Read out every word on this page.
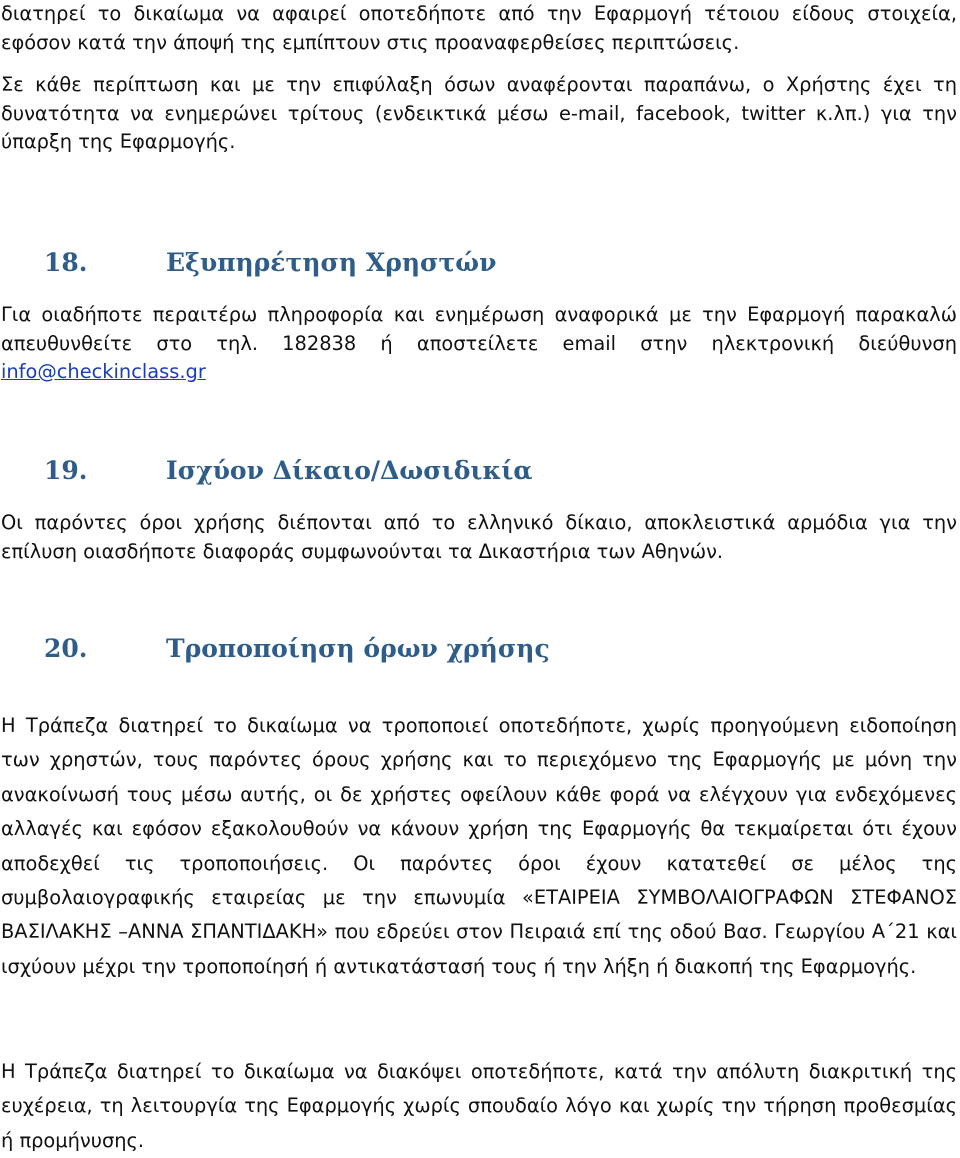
διατηρεί το δικαίωμα να αφαιρεί οποτεδήποτε από την Εφαρμογή τέτοιου είδους στοιχεία, εφόσον κατά την άποψή της εμπίπτουν στις προαναφερθείσες περιπτώσεις.

Σε κάθε περίπτωση και με την επιφύλαξη όσων αναφέρονται παραπάνω, ο Χρήστης έχει τη δυνατότητα να ενημερώνει τρίτους (ενδεικτικά μέσω e-mail, facebook, twitter κ.λπ.) για την ύπαρξη της Εφαρμογής.

18.	Εξυπηρέτηση Χρηστών

Για οιαδήποτε περαιτέρω πληροφορία και ενημέρωση αναφορικά με την Εφαρμογή παρακαλώ απευθυνθείτε στο τηλ. 182838 ή αποστείλετε email στην ηλεκτρονική διεύθυνση info@checkinclass.gr

19.	Ισχύον Δίκαιο/Δωσιδικία

Οι παρόντες όροι χρήσης διέπονται από το ελληνικό δίκαιο, αποκλειστικά αρμόδια για την επίλυση οιασδήποτε διαφοράς συμφωνούνται τα Δικαστήρια των Αθηνών.

20.	Τροποποίηση όρων χρήσης

Η Τράπεζα διατηρεί το δικαίωμα να τροποποιεί οποτεδήποτε, χωρίς προηγούμενη ειδοποίηση των χρηστών, τους παρόντες όρους χρήσης και το περιεχόμενο της Εφαρμογής με μόνη την ανακοίνωσή τους μέσω αυτής, οι δε χρήστες οφείλουν κάθε φορά να ελέγχουν για ενδεχόμενες αλλαγές και εφόσον εξακολουθούν να κάνουν χρήση της Εφαρμογής θα τεκμαίρεται ότι έχουν αποδεχθεί τις τροποποιήσεις. Οι παρόντες όροι έχουν κατατεθεί σε μέλος της συμβολαιογραφικής εταιρείας με την επωνυμία «ΕΤΑΙΡΕΙΑ ΣΥΜΒΟΛΑΙΟΓΡΑΦΩΝ ΣΤΕΦΑΝΟΣ ΒΑΣΙΛΑΚΗΣ –ΑΝΝΑ ΣΠΑΝΤΙΔΑΚΗ» που εδρεύει στον Πειραιά επί της οδού Βασ. Γεωργίου Α΄21 και ισχύουν μέχρι την τροποποίησή ή αντικατάστασή τους ή την λήξη ή διακοπή της Εφαρμογής.

Η Τράπεζα διατηρεί το δικαίωμα να διακόψει οποτεδήποτε, κατά την απόλυτη διακριτική της ευχέρεια, τη λειτουργία της Εφαρμογής χωρίς σπουδαίο λόγο και χωρίς την τήρηση προθεσμίας ή προμήνυσης.
